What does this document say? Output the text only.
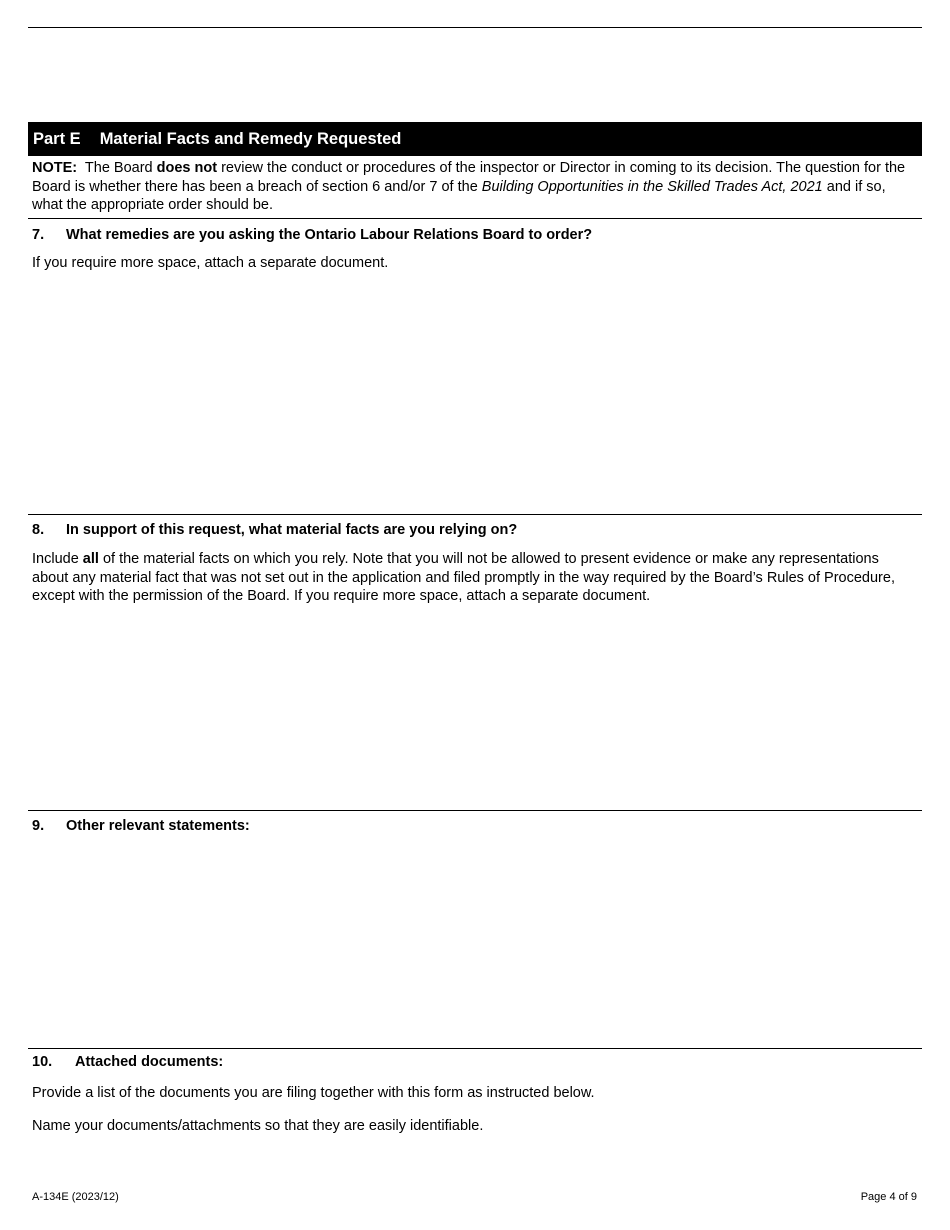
Part E Material Facts and Remedy Requested
NOTE: The Board does not review the conduct or procedures of the inspector or Director in coming to its decision. The question for the Board is whether there has been a breach of section 6 and/or 7 of the Building Opportunities in the Skilled Trades Act, 2021 and if so, what the appropriate order should be.
7. What remedies are you asking the Ontario Labour Relations Board to order?
If you require more space, attach a separate document.
8. In support of this request, what material facts are you relying on?
Include all of the material facts on which you rely. Note that you will not be allowed to present evidence or make any representations about any material fact that was not set out in the application and filed promptly in the way required by the Board’s Rules of Procedure, except with the permission of the Board. If you require more space, attach a separate document.
9. Other relevant statements:
10. Attached documents:
Provide a list of the documents you are filing together with this form as instructed below.
Name your documents/attachments so that they are easily identifiable.
A-134E (2023/12)	Page 4 of 9
